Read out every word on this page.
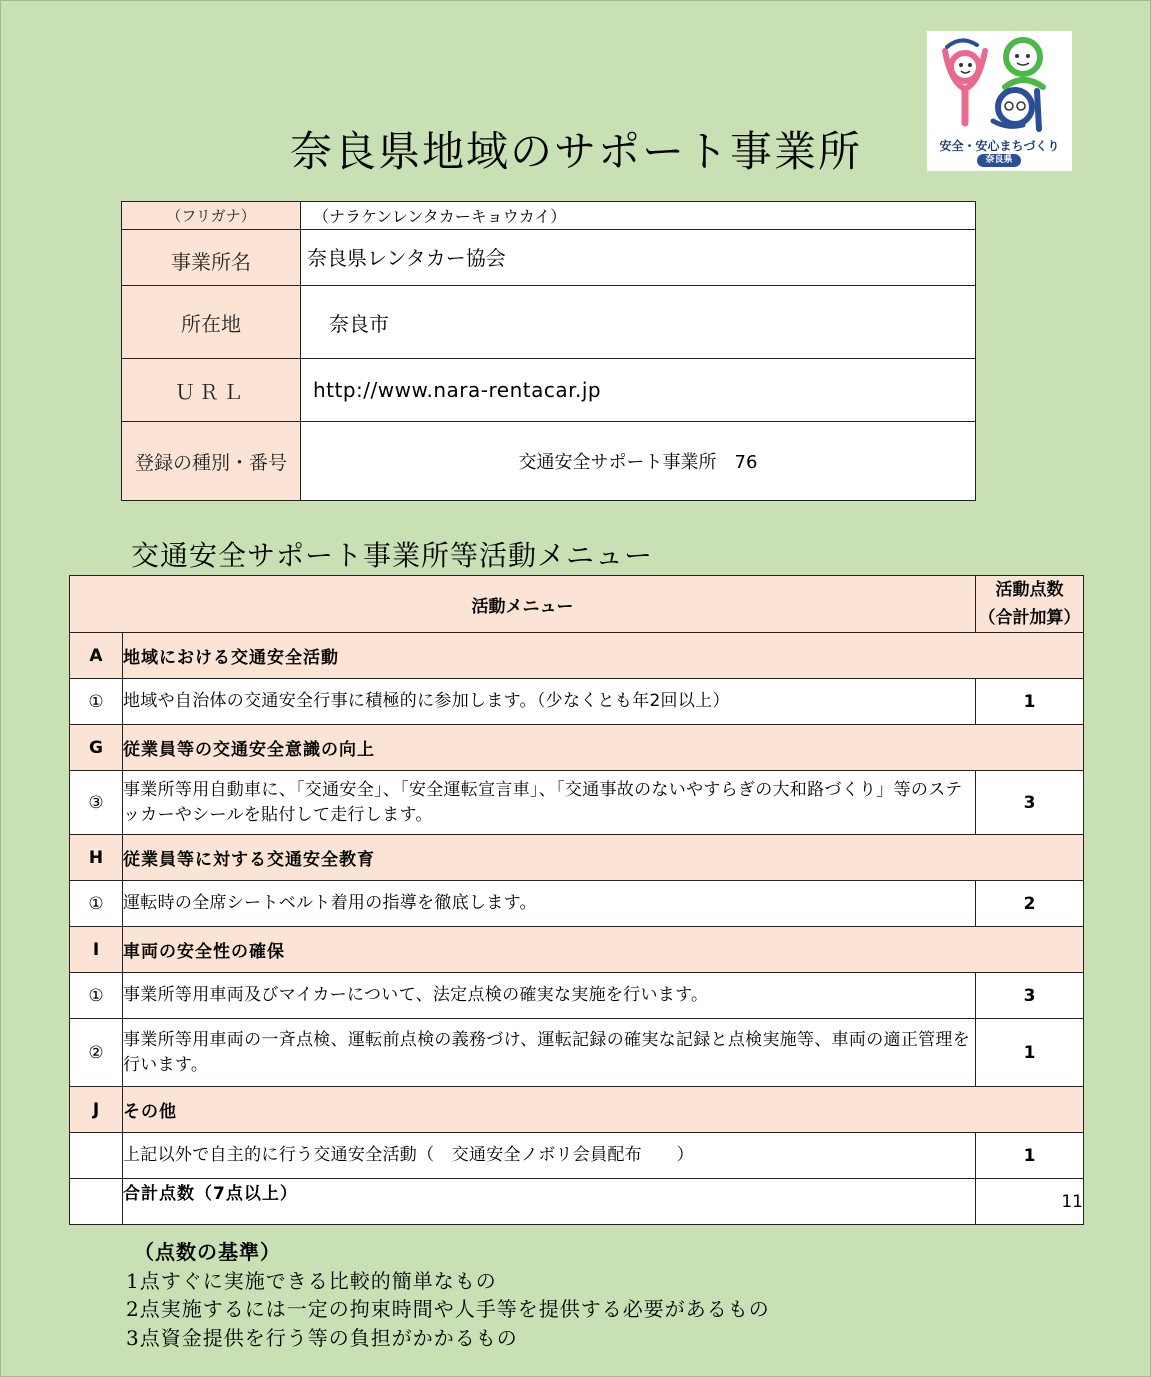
安全・安心まちづくり
奈良県
奈良県地域のサポート事業所
（フリガナ）	（ナラケンレンタカーキョウカイ）
事業所名	奈良県レンタカー協会
所在地	奈良市
ＵＲＬ	http://www.nara-rentacar.jp
登録の種別・番号	交通安全サポート事業所　76
交通安全サポート事業所等活動メニュー
活動メニュー		活動点数
（合計加算）

A	地域における交通安全活動	
①	地域や自治体の交通安全行事に積極的に参加します。（少なくとも年2回以上）	1
G	従業員等の交通安全意識の向上	
③	事業所等用自動車に、「交通安全」、「安全運転宣言車」、「交通事故のないやすらぎの大和路づくり」等のステッカーやシールを貼付して走行します。	3
H	従業員等に対する交通安全教育	
①	運転時の全席シートベルト着用の指導を徹底します。	2
I	車両の安全性の確保	
①	事業所等用車両及びマイカーについて、法定点検の確実な実施を行います。	3
②	事業所等用車両の一斉点検、運転前点検の義務づけ、運転記録の確実な記録と点検実施等、車両の適正管理を行います。	1
J	その他	
	上記以外で自主的に行う交通安全活動（　交通安全ノボリ会員配布　　）	1
	合計点数（7点以上）	11
（点数の基準）
1点すぐに実施できる比較的簡単なもの
2点実施するには一定の拘束時間や人手等を提供する必要があるもの
3点資金提供を行う等の負担がかかるもの
